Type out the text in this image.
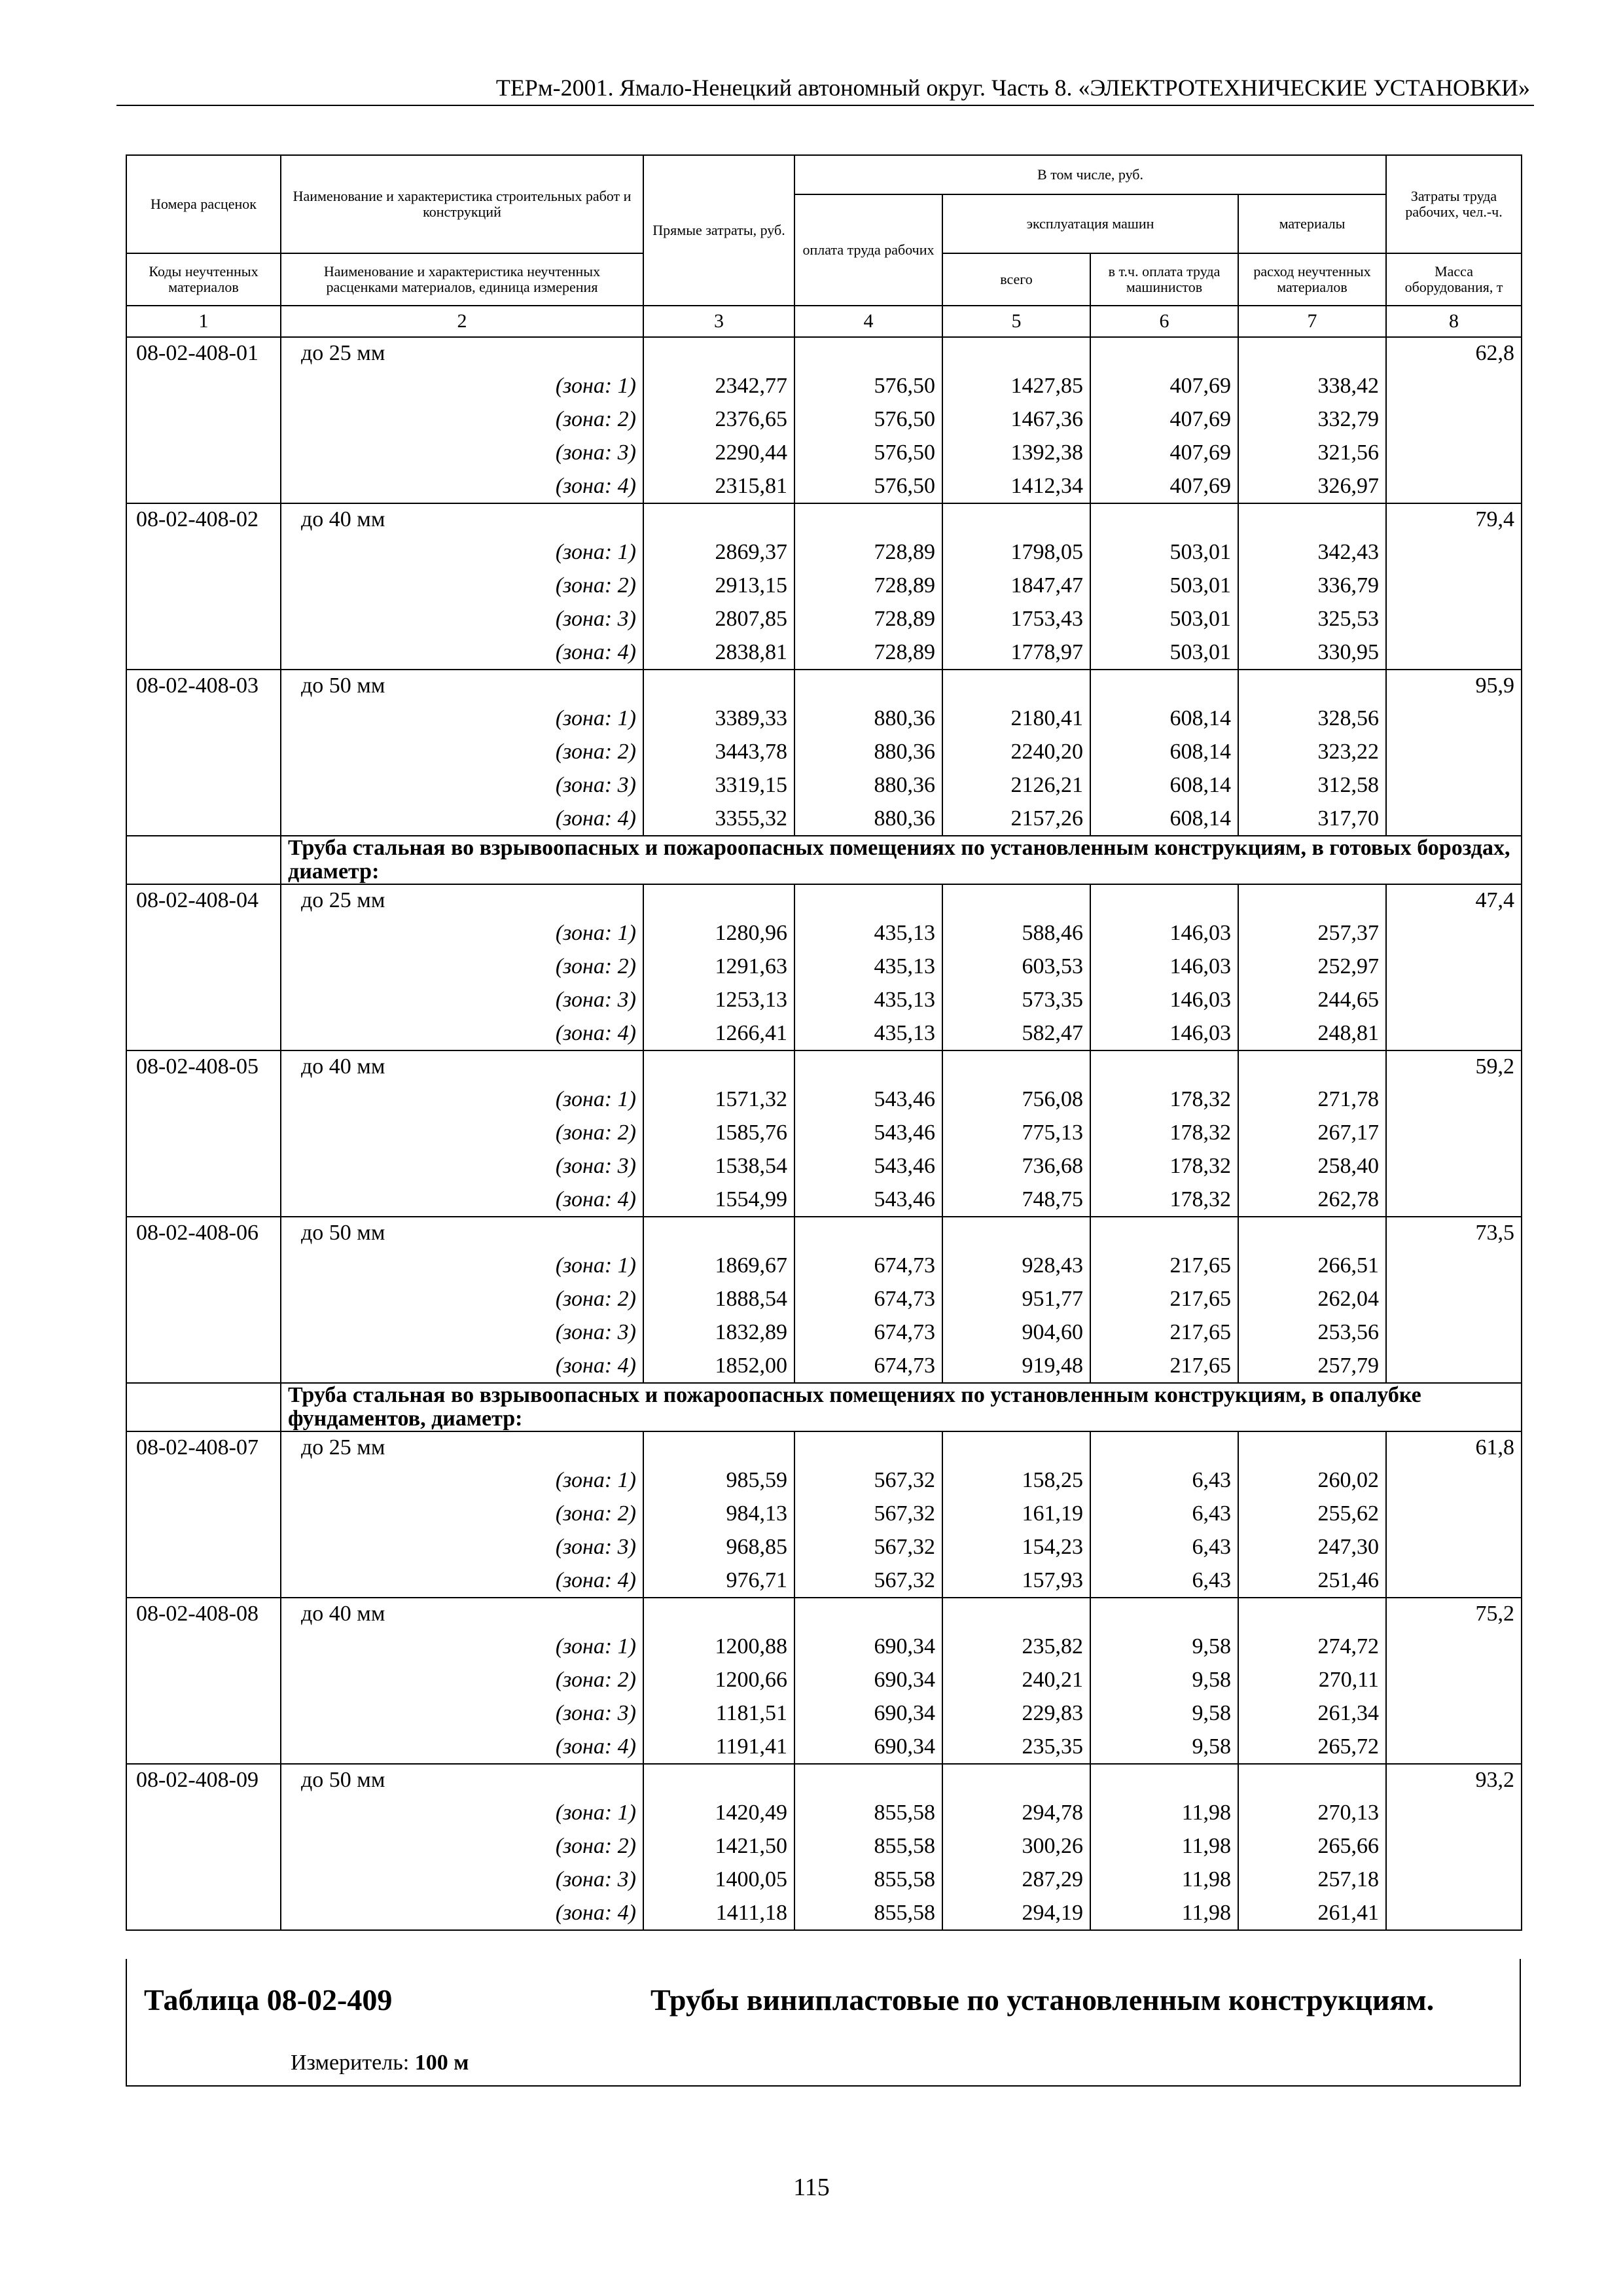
ТЕРм-2001. Ямало-Ненецкий автономный округ. Часть 8. «ЭЛЕКТРОТЕХНИЧЕСКИЕ УСТАНОВКИ»
Номера расценок	Наименование и характеристика строительных работ и конструкций	Прямые затраты, руб.	В том числе, руб.				Затраты труда рабочих, чел.-ч.
			оплата труда рабочих	эксплуатация машин		материалы	
Коды неучтенных материалов	Наименование и характеристика неучтенных расценками материалов, единица измерения			всего	в т.ч. оплата труда машинистов	расход неучтенных материалов	Масса оборудования, т
1	2	3	4	5	6	7	8
08-02-408-01	до 25 мм						62,8
	(зона: 1)	2342,77	576,50	1427,85	407,69	338,42	
	(зона: 2)	2376,65	576,50	1467,36	407,69	332,79	
	(зона: 3)	2290,44	576,50	1392,38	407,69	321,56	
	(зона: 4)	2315,81	576,50	1412,34	407,69	326,97	
08-02-408-02	до 40 мм						79,4
	(зона: 1)	2869,37	728,89	1798,05	503,01	342,43	
	(зона: 2)	2913,15	728,89	1847,47	503,01	336,79	
	(зона: 3)	2807,85	728,89	1753,43	503,01	325,53	
	(зона: 4)	2838,81	728,89	1778,97	503,01	330,95	
08-02-408-03	до 50 мм						95,9
	(зона: 1)	3389,33	880,36	2180,41	608,14	328,56	
	(зона: 2)	3443,78	880,36	2240,20	608,14	323,22	
	(зона: 3)	3319,15	880,36	2126,21	608,14	312,58	
	(зона: 4)	3355,32	880,36	2157,26	608,14	317,70	
	Труба стальная во взрывоопасных и пожароопасных помещениях по установленным конструкциям, в готовых бороздах, диаметр:						
08-02-408-04	до 25 мм						47,4
	(зона: 1)	1280,96	435,13	588,46	146,03	257,37	
	(зона: 2)	1291,63	435,13	603,53	146,03	252,97	
	(зона: 3)	1253,13	435,13	573,35	146,03	244,65	
	(зона: 4)	1266,41	435,13	582,47	146,03	248,81	
08-02-408-05	до 40 мм						59,2
	(зона: 1)	1571,32	543,46	756,08	178,32	271,78	
	(зона: 2)	1585,76	543,46	775,13	178,32	267,17	
	(зона: 3)	1538,54	543,46	736,68	178,32	258,40	
	(зона: 4)	1554,99	543,46	748,75	178,32	262,78	
08-02-408-06	до 50 мм						73,5
	(зона: 1)	1869,67	674,73	928,43	217,65	266,51	
	(зона: 2)	1888,54	674,73	951,77	217,65	262,04	
	(зона: 3)	1832,89	674,73	904,60	217,65	253,56	
	(зона: 4)	1852,00	674,73	919,48	217,65	257,79	
	Труба стальная во взрывоопасных и пожароопасных помещениях по установленным конструкциям, в опалубке фундаментов, диаметр:						
08-02-408-07	до 25 мм						61,8
	(зона: 1)	985,59	567,32	158,25	6,43	260,02	
	(зона: 2)	984,13	567,32	161,19	6,43	255,62	
	(зона: 3)	968,85	567,32	154,23	6,43	247,30	
	(зона: 4)	976,71	567,32	157,93	6,43	251,46	
08-02-408-08	до 40 мм						75,2
	(зона: 1)	1200,88	690,34	235,82	9,58	274,72	
	(зона: 2)	1200,66	690,34	240,21	9,58	270,11	
	(зона: 3)	1181,51	690,34	229,83	9,58	261,34	
	(зона: 4)	1191,41	690,34	235,35	9,58	265,72	
08-02-408-09	до 50 мм						93,2
	(зона: 1)	1420,49	855,58	294,78	11,98	270,13	
	(зона: 2)	1421,50	855,58	300,26	11,98	265,66	
	(зона: 3)	1400,05	855,58	287,29	11,98	257,18	
	(зона: 4)	1411,18	855,58	294,19	11,98	261,41	
Таблица 08-02-409	Трубы винипластовые по установленным конструкциям.
Измеритель: 100 м
115
